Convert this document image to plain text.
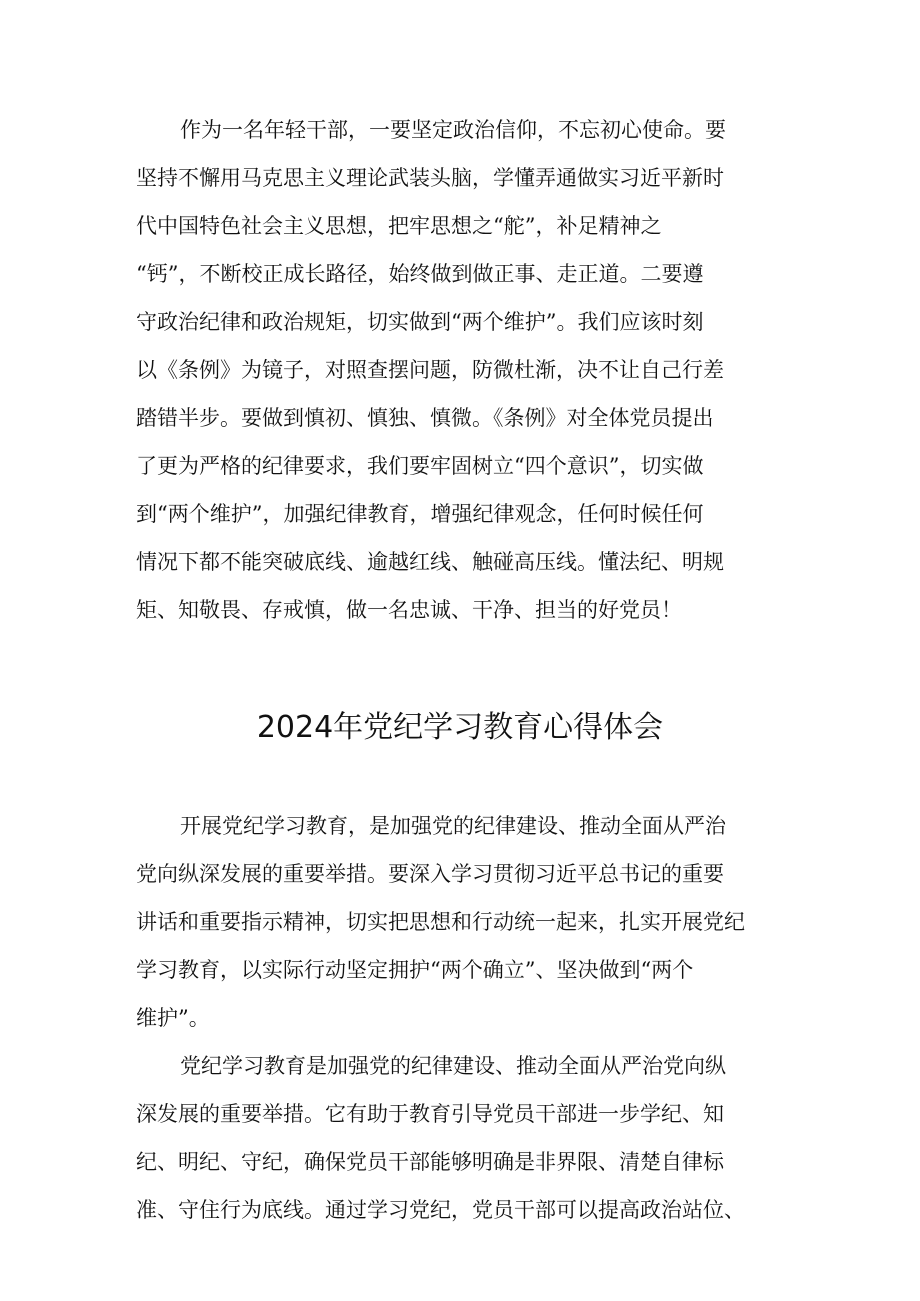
作为一名年轻干部，一要坚定政治信仰，不忘初心使命。要
坚持不懈用马克思主义理论武装头脑，学懂弄通做实习近平新时
代中国特色社会主义思想，把牢思想之“舵”，补足精神之
“钙”，不断校正成长路径，始终做到做正事、走正道。二要遵
守政治纪律和政治规矩，切实做到“两个维护”。我们应该时刻
以《条例》为镜子，对照查摆问题，防微杜渐，决不让自己行差
踏错半步。要做到慎初、慎独、慎微。《条例》对全体党员提出
了更为严格的纪律要求，我们要牢固树立“四个意识”，切实做
到“两个维护”，加强纪律教育，增强纪律观念，任何时候任何
情况下都不能突破底线、逾越红线、触碰高压线。懂法纪、明规
矩、知敬畏、存戒慎，做一名忠诚、干净、担当的好党员！
2024年党纪学习教育心得体会
开展党纪学习教育，是加强党的纪律建设、推动全面从严治
党向纵深发展的重要举措。要深入学习贯彻习近平总书记的重要
讲话和重要指示精神，切实把思想和行动统一起来，扎实开展党纪
学习教育，以实际行动坚定拥护“两个确立”、坚决做到“两个
维护”。
党纪学习教育是加强党的纪律建设、推动全面从严治党向纵
深发展的重要举措。它有助于教育引导党员干部进一步学纪、知
纪、明纪、守纪，确保党员干部能够明确是非界限、清楚自律标
准、守住行为底线。通过学习党纪，党员干部可以提高政治站位、
